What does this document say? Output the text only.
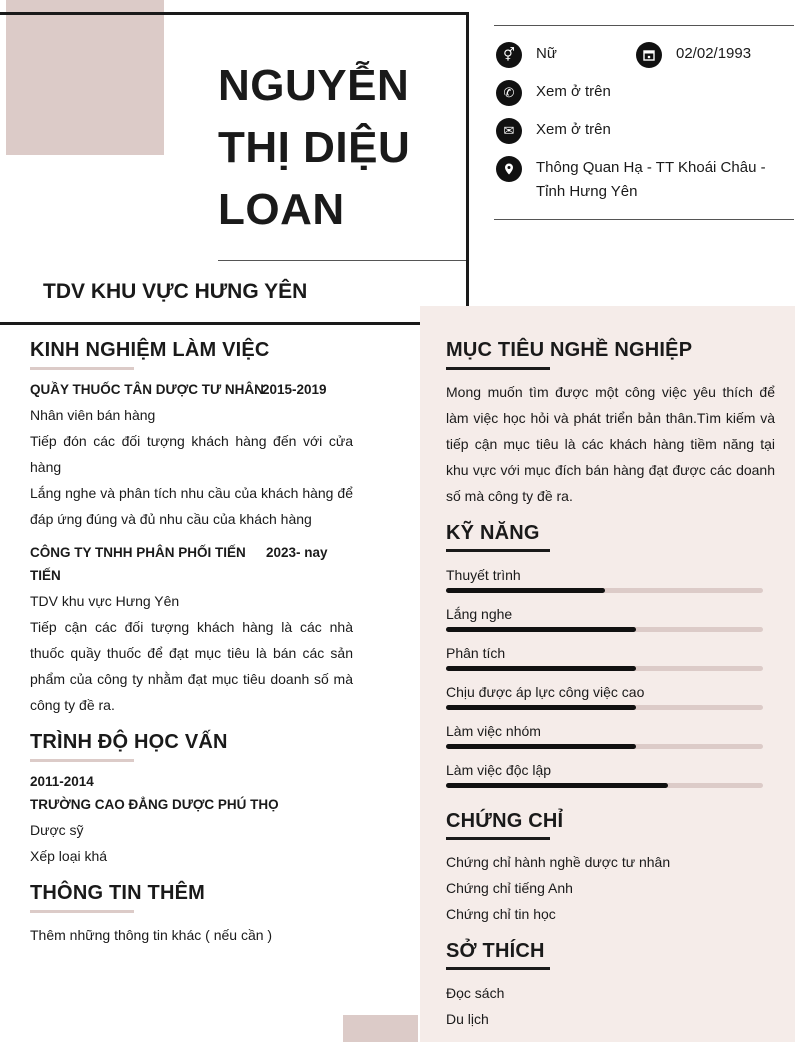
NGUYỄN
THỊ DIỆU
LOAN
TDV KHU VỰC HƯNG YÊN
⚥	Nữ	02/02/1993
✆	Xem ở trên
✉	Xem ở trên
Thông Quan Hạ - TT Khoái Châu -
Tỉnh Hưng Yên
KINH NGHIỆM LÀM VIỆC
QUẦY THUỐC TÂN DƯỢC TƯ NHÂN
2015-2019
Nhân viên bán hàng
Tiếp đón các đối tượng khách hàng đến với cửa hàng
Lắng nghe và phân tích nhu cầu của khách hàng để đáp ứng đúng và đủ nhu cầu của khách hàng
CÔNG TY TNHH PHÂN PHỐI TIẾN 2023- nay
TIẾN
TDV khu vực Hưng Yên
Tiếp cận các đối tượng khách hàng là các nhà thuốc quầy thuốc để đạt mục tiêu là bán các sản phẩm của công ty nhằm đạt mục tiêu doanh số mà công ty đề ra.
TRÌNH ĐỘ HỌC VẤN
2011-2014
TRƯỜNG CAO ĐẲNG DƯỢC PHÚ THỌ
Dược sỹ
Xếp loại khá
THÔNG TIN THÊM
Thêm những thông tin khác ( nếu cần )
MỤC TIÊU NGHỀ NGHIỆP
Mong muốn tìm được một công việc yêu thích để làm việc học hỏi và phát triển bản thân.Tìm kiếm và tiếp cận mục tiêu là các khách hàng tiềm năng tại khu vực với mục đích bán hàng đạt được các doanh số mà công ty đề ra.
KỸ NĂNG
Thuyết trình
Lắng nghe
Phân tích
Chịu được áp lực công việc cao
Làm việc nhóm
Làm việc độc lập
CHỨNG CHỈ
Chứng chỉ hành nghề dược tư nhân
Chứng chỉ tiếng Anh
Chứng chỉ tin học
SỞ THÍCH
Đọc sách
Du lịch
